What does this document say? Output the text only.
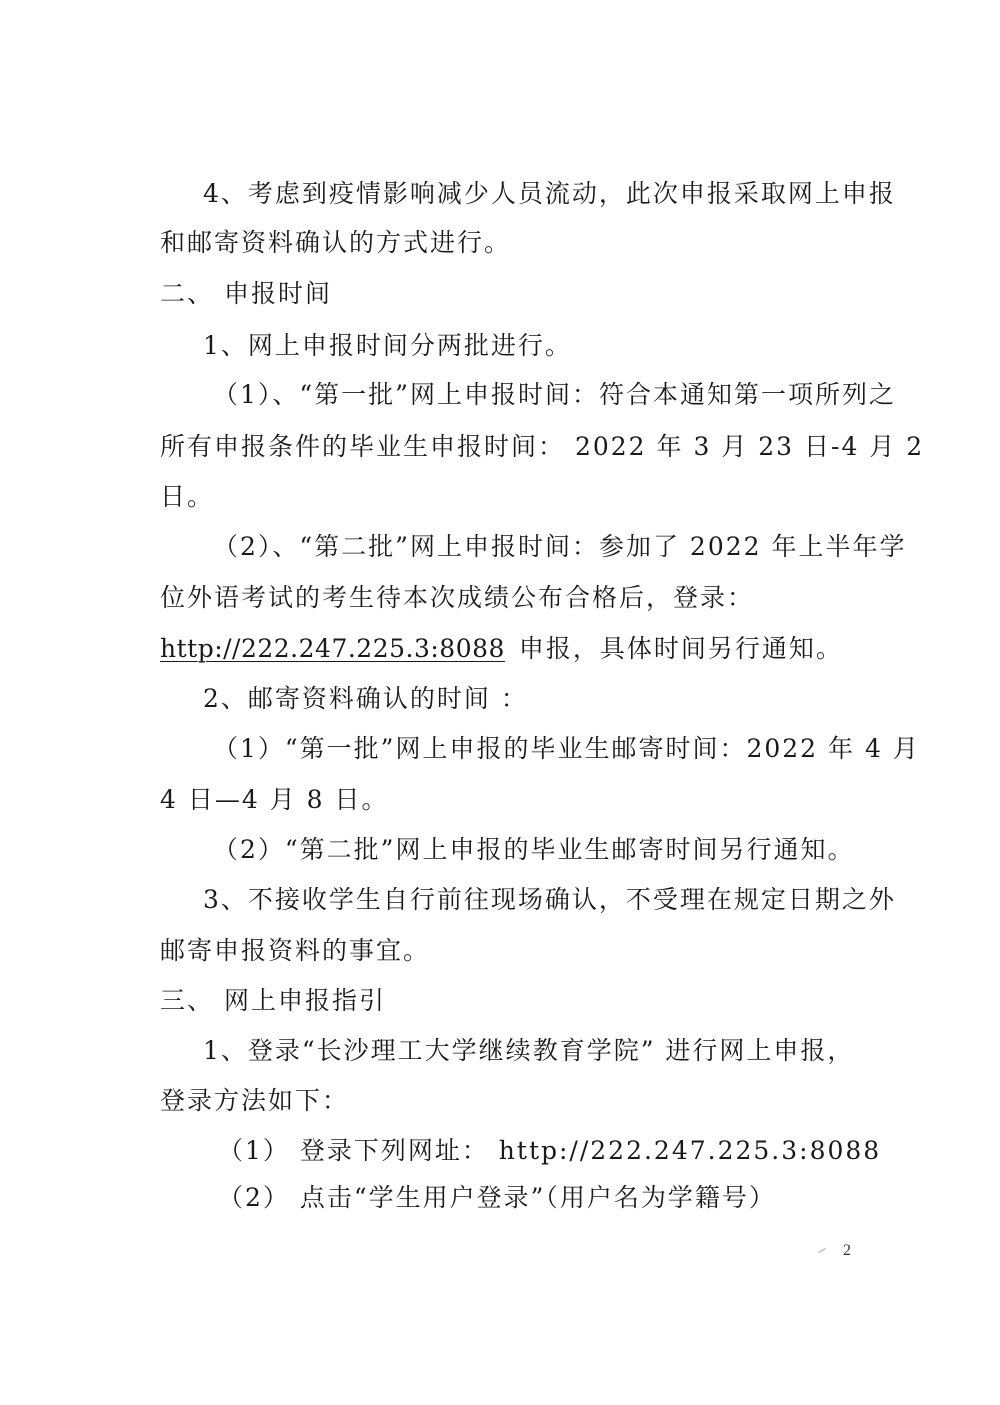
4、考虑到疫情影响减少人员流动，此次申报采取网上申报
和邮寄资料确认的方式进行。
二、 申报时间
1、网上申报时间分两批进行。
（1）、“第一批”网上申报时间：符合本通知第一项所列之
所有申报条件的毕业生申报时间： 2022 年 3 月 23 日-4 月 2
日。
（2）、“第二批”网上申报时间：参加了 2022 年上半年学
位外语考试的考生待本次成绩公布合格后，登录：
http://222.247.225.3:8088 申报，具体时间另行通知。
2、邮寄资料确认的时间 ：
（1）“第一批”网上申报的毕业生邮寄时间：2022 年 4 月
4 日—4 月 8 日。
（2）“第二批”网上申报的毕业生邮寄时间另行通知。
3、不接收学生自行前往现场确认，不受理在规定日期之外
邮寄申报资料的事宜。
三、 网上申报指引
1、登录“长沙理工大学继续教育学院” 进行网上申报，
登录方法如下：
（1） 登录下列网址： http://222.247.225.3:8088
（2） 点击“学生用户登录”（用户名为学籍号）
2
